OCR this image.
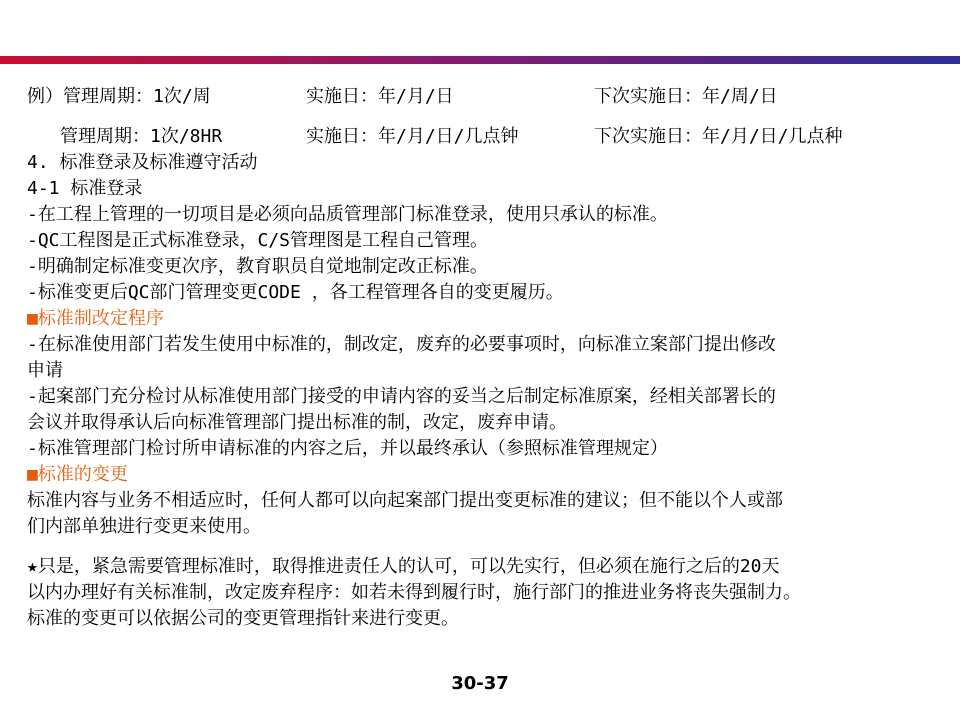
例）管理周期：1次/周	实施日：年/月/日	下次实施日：年/周/日
管理周期：1次/8HR	实施日：年/月/日/几点钟	下次实施日：年/月/日/几点种
4. 标准登录及标准遵守活动
4-1 标准登录
-在工程上管理的一切项目是必须向品质管理部门标准登录，使用只承认的标准。
-QC工程图是正式标准登录，C/S管理图是工程自己管理。
-明确制定标准变更次序，教育职员自觉地制定改正标准。
-标准变更后QC部门管理变更CODE ，各工程管理各自的变更履历。
■标准制改定程序
-在标准使用部门若发生使用中标准的，制改定，废弃的必要事项时，向标准立案部门提出修改
申请
-起案部门充分检讨从标准使用部门接受的申请内容的妥当之后制定标准原案，经相关部署长的
会议并取得承认后向标准管理部门提出标准的制，改定，废弃申请。
-标准管理部门检讨所申请标准的内容之后，并以最终承认（参照标准管理规定）
■标准的变更
标准内容与业务不相适应时，任何人都可以向起案部门提出变更标准的建议；但不能以个人或部
们内部单独进行变更来使用。
★只是，紧急需要管理标准时，取得推进责任人的认可，可以先实行，但必须在施行之后的20天
以内办理好有关标准制，改定废弃程序：如若未得到履行时，施行部门的推进业务将丧失强制力。
标准的变更可以依据公司的变更管理指针来进行变更。
30-37
